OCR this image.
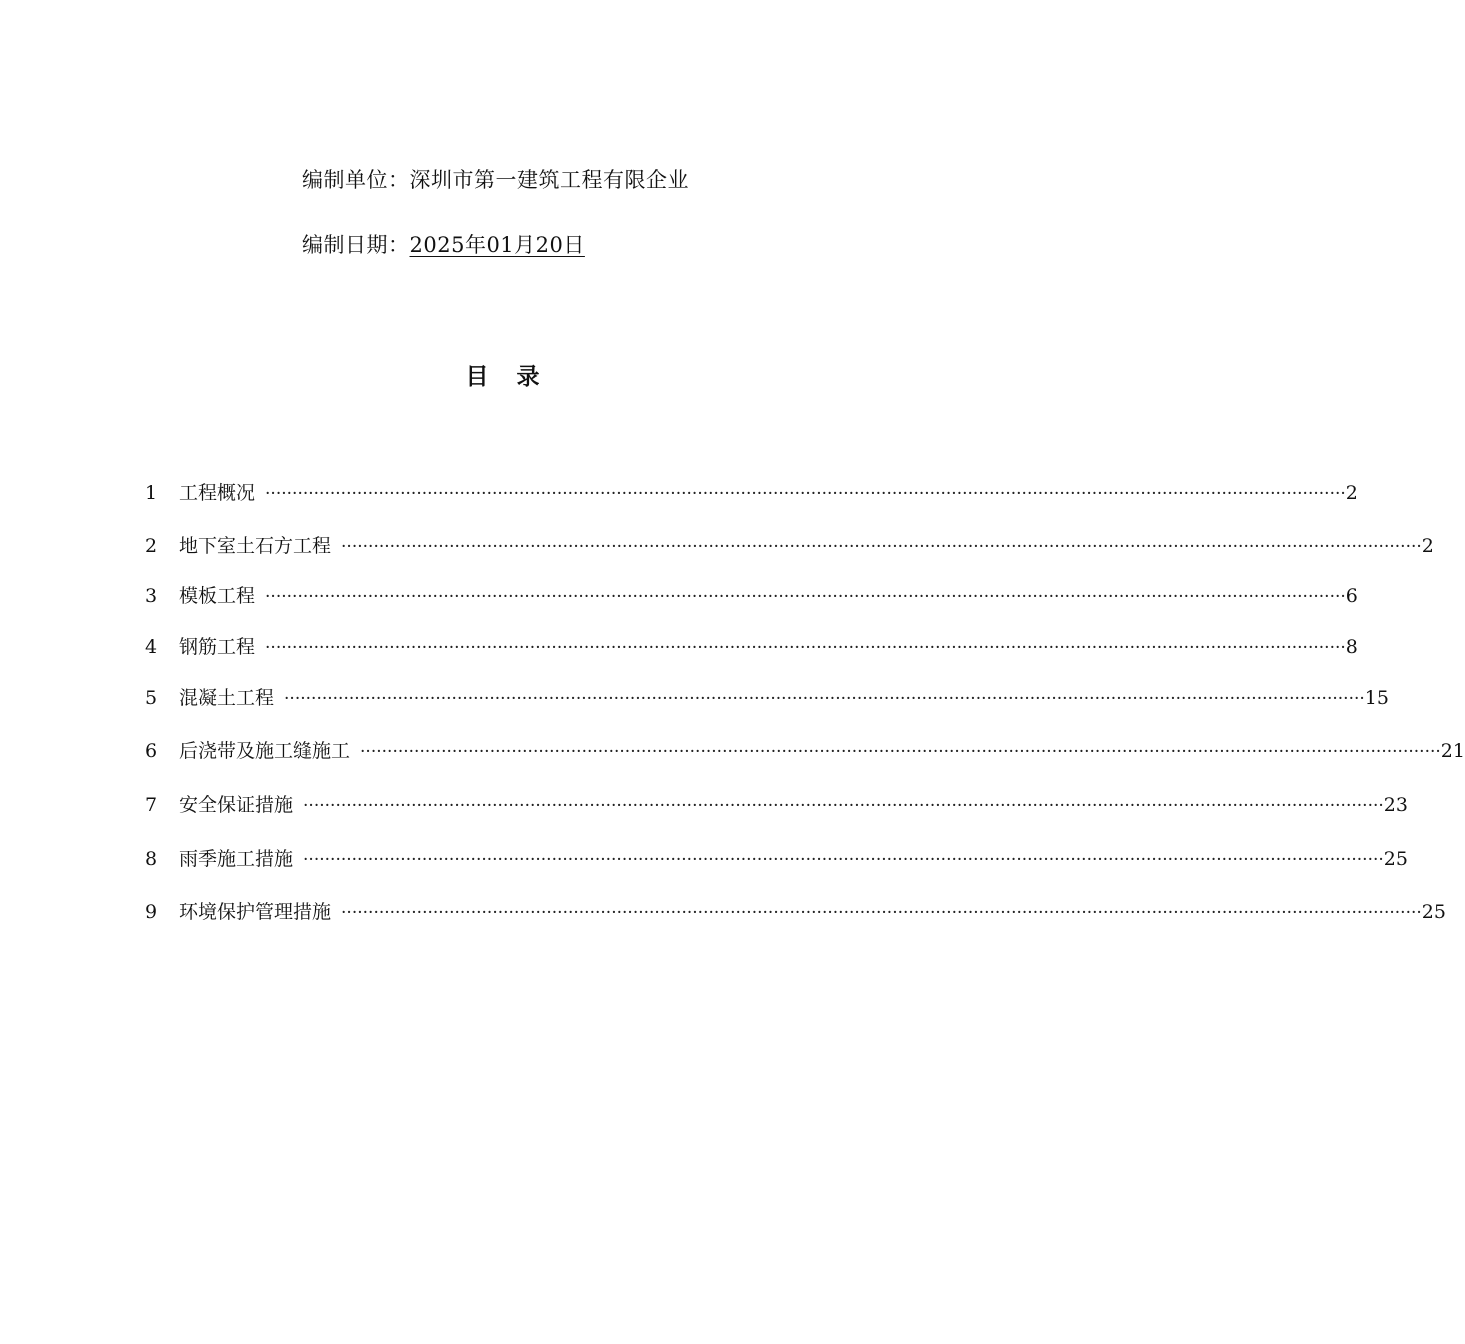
编制单位：深圳市第一建筑工程有限企业
编制日期：2025年01月20日
目 录
1	工程概况 ········································································································································································································ 2
2	地下室土石方工程 ········································································································································································································ 2
3	模板工程 ········································································································································································································ 6
4	钢筋工程 ········································································································································································································ 8
5	混凝土工程 ········································································································································································································ 15
6	后浇带及施工缝施工 ········································································································································································································ 21
7	安全保证措施 ········································································································································································································ 23
8	雨季施工措施 ········································································································································································································ 25
9	环境保护管理措施 ········································································································································································································ 25
